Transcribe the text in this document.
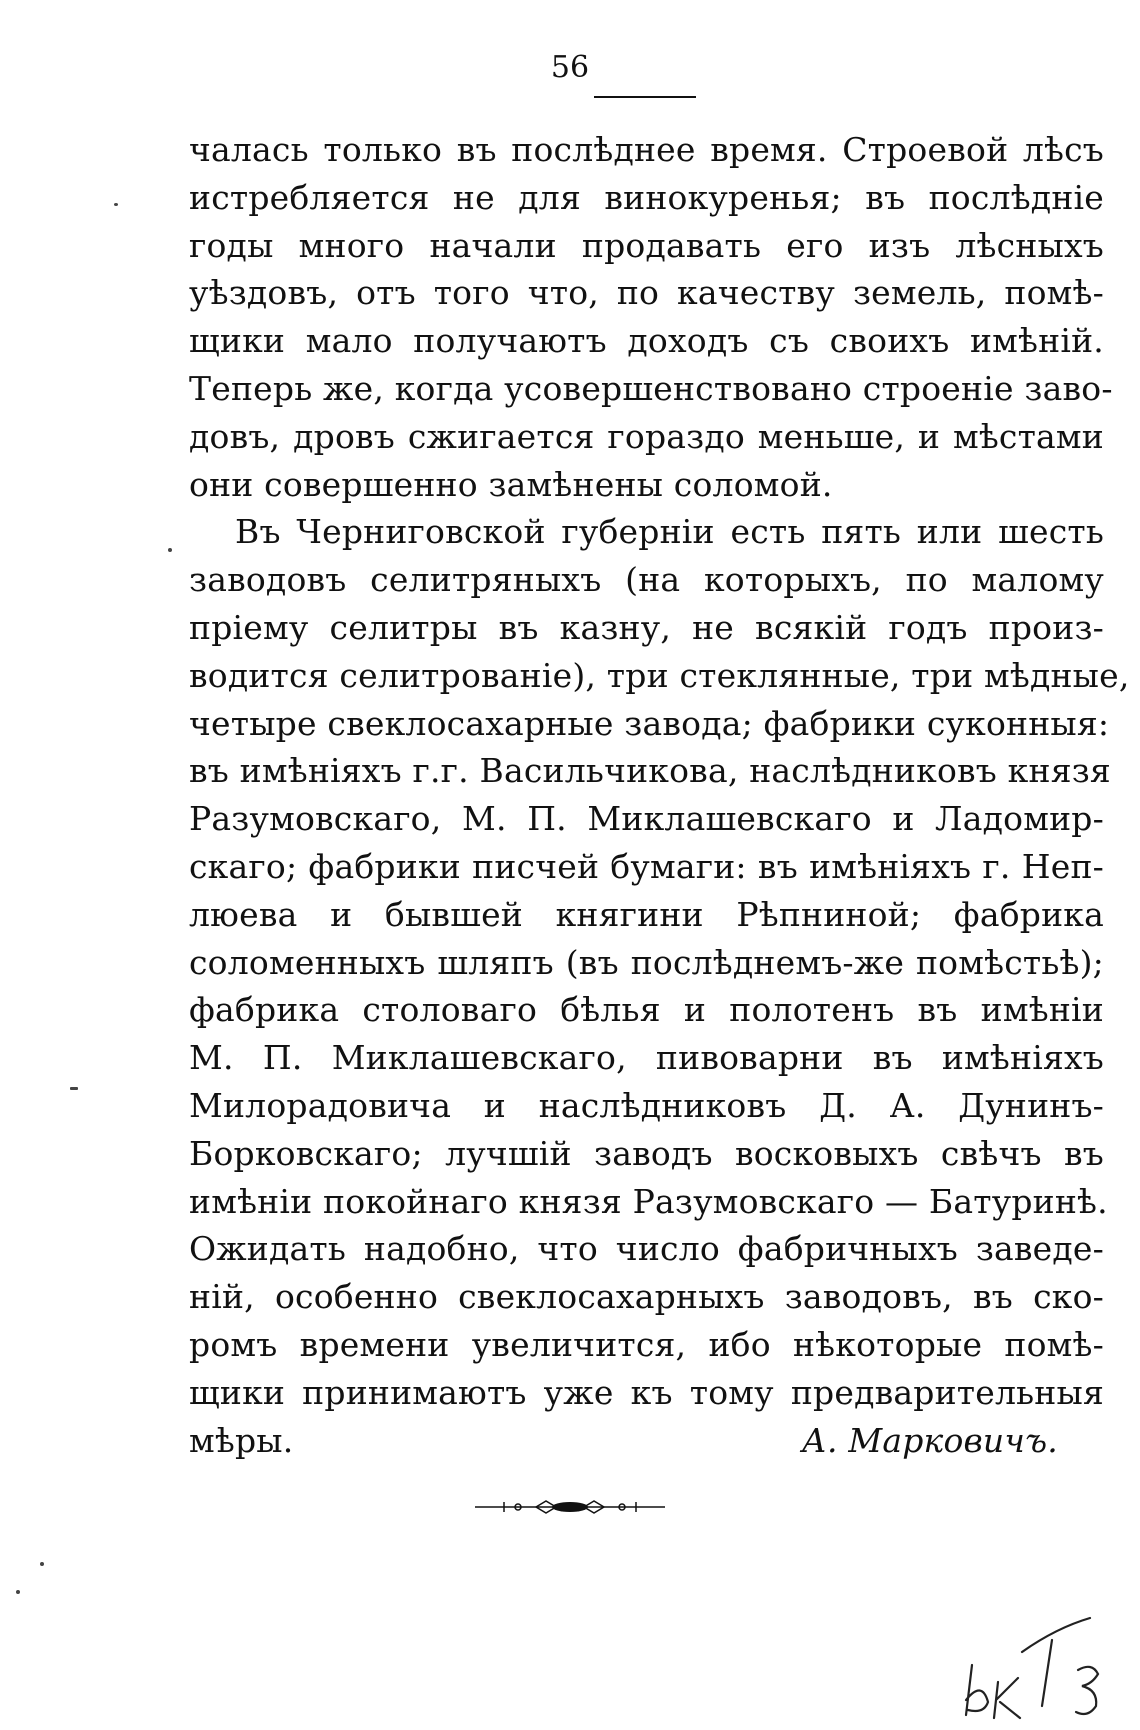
56
чалась только въ послѣднее время. Строевой лѣсъ
истребляется не для винокуренья; въ послѣдніе
годы много начали продавать его изъ лѣсныхъ
уѣздовъ, отъ того что, по качеству земель, помѣ-
щики мало получаютъ доходъ съ своихъ имѣній.
Теперь же, когда усовершенствовано строеніе заво-
довъ, дровъ сжигается гораздо меньше, и мѣстами
они совершенно замѣнены соломой.
Въ Черниговской губерніи есть пять или шесть
заводовъ селитряныхъ (на которыхъ, по малому
пріему селитры въ казну, не всякій годъ произ-
водится селитрованіе), три стеклянные, три мѣдные,
четыре свеклосахарные завода; фабрики суконныя:
въ имѣніяхъ г.г. Васильчикова, наслѣдниковъ князя
Разумовскаго, М. П. Миклашевскаго и Ладомир-
скаго; фабрики писчей бумаги: въ имѣніяхъ г. Неп-
люева и бывшей княгини Рѣпниной; фабрика
соломенныхъ шляпъ (въ послѣднемъ-же помѣстьѣ);
фабрика столоваго бѣлья и полотенъ въ имѣніи
М. П. Миклашевскаго, пивоварни въ имѣніяхъ
Милорадовича и наслѣдниковъ Д. А. Дунинъ-
Борковскаго; лучшій заводъ восковыхъ свѣчъ въ
имѣніи покойнаго князя Разумовскаго — Батуринѣ.
Ожидать надобно, что число фабричныхъ заведе-
ній, особенно свеклосахарныхъ заводовъ, въ ско-
ромъ времени увеличится, ибо нѣкоторые помѣ-
щики принимаютъ уже къ тому предварительныя
мѣры.	А. Марковичъ.
